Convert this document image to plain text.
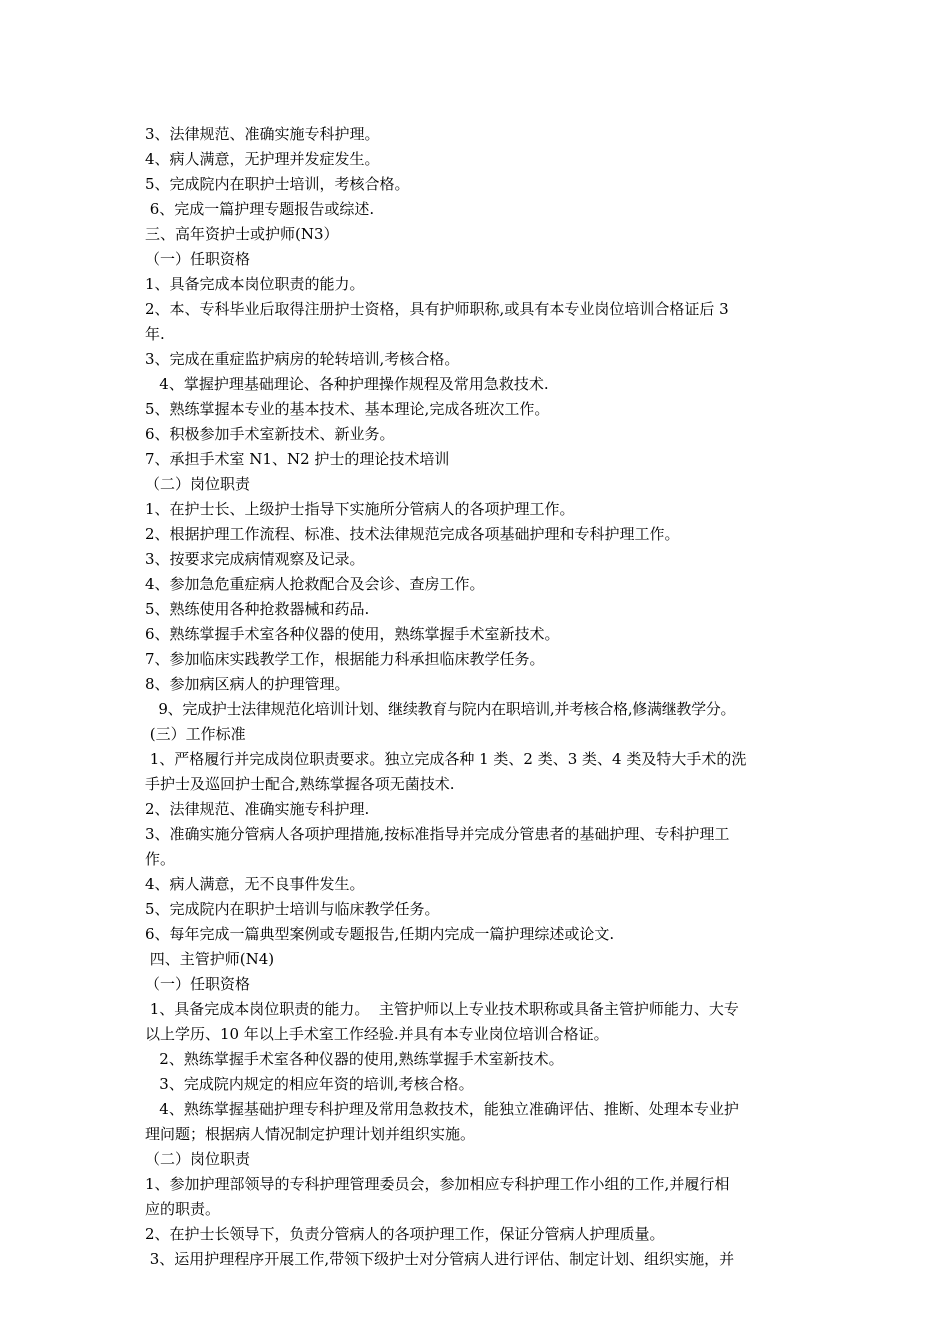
3、法律规范、准确实施专科护理。
4、病人满意，无护理并发症发生。
5、完成院内在职护士培训，考核合格。
6、完成一篇护理专题报告或综述.
三、高年资护士或护师(N3）
（一）任职资格
1、具备完成本岗位职责的能力。
2、本、专科毕业后取得注册护士资格，具有护师职称,或具有本专业岗位培训合格证后 3
年.
3、完成在重症监护病房的轮转培训,考核合格。
4、掌握护理基础理论、各种护理操作规程及常用急救技术.
5、熟练掌握本专业的基本技术、基本理论,完成各班次工作。
6、积极参加手术室新技术、新业务。
7、承担手术室 N1、N2 护士的理论技术培训
（二）岗位职责
1、在护士长、上级护士指导下实施所分管病人的各项护理工作。
2、根据护理工作流程、标准、技术法律规范完成各项基础护理和专科护理工作。
3、按要求完成病情观察及记录。
4、参加急危重症病人抢救配合及会诊、查房工作。
5、熟练使用各种抢救器械和药品.
6、熟练掌握手术室各种仪器的使用，熟练掌握手术室新技术。
7、参加临床实践教学工作，根据能力科承担临床教学任务。
8、参加病区病人的护理管理。
9、完成护士法律规范化培训计划、继续教育与院内在职培训,并考核合格,修满继教学分。
(三）工作标准
1、严格履行并完成岗位职责要求。独立完成各种 1 类、2 类、3 类、4 类及特大手术的洗
手护士及巡回护士配合,熟练掌握各项无菌技术.
2、法律规范、准确实施专科护理.
3、准确实施分管病人各项护理措施,按标准指导并完成分管患者的基础护理、专科护理工
作。
4、病人满意，无不良事件发生。
5、完成院内在职护士培训与临床教学任务。
6、每年完成一篇典型案例或专题报告,任期内完成一篇护理综述或论文.
四、主管护师(N4)
（一）任职资格
1、具备完成本岗位职责的能力。  主管护师以上专业技术职称或具备主管护师能力、大专
以上学历、10 年以上手术室工作经验.并具有本专业岗位培训合格证。
2、熟练掌握手术室各种仪器的使用,熟练掌握手术室新技术。
3、完成院内规定的相应年资的培训,考核合格。
4、熟练掌握基础护理专科护理及常用急救技术，能独立准确评估、推断、处理本专业护
理问题；根据病人情况制定护理计划并组织实施。
（二）岗位职责
1、参加护理部领导的专科护理管理委员会，参加相应专科护理工作小组的工作,并履行相
应的职责。
2、在护士长领导下，负责分管病人的各项护理工作，保证分管病人护理质量。
3、运用护理程序开展工作,带领下级护士对分管病人进行评估、制定计划、组织实施，并
